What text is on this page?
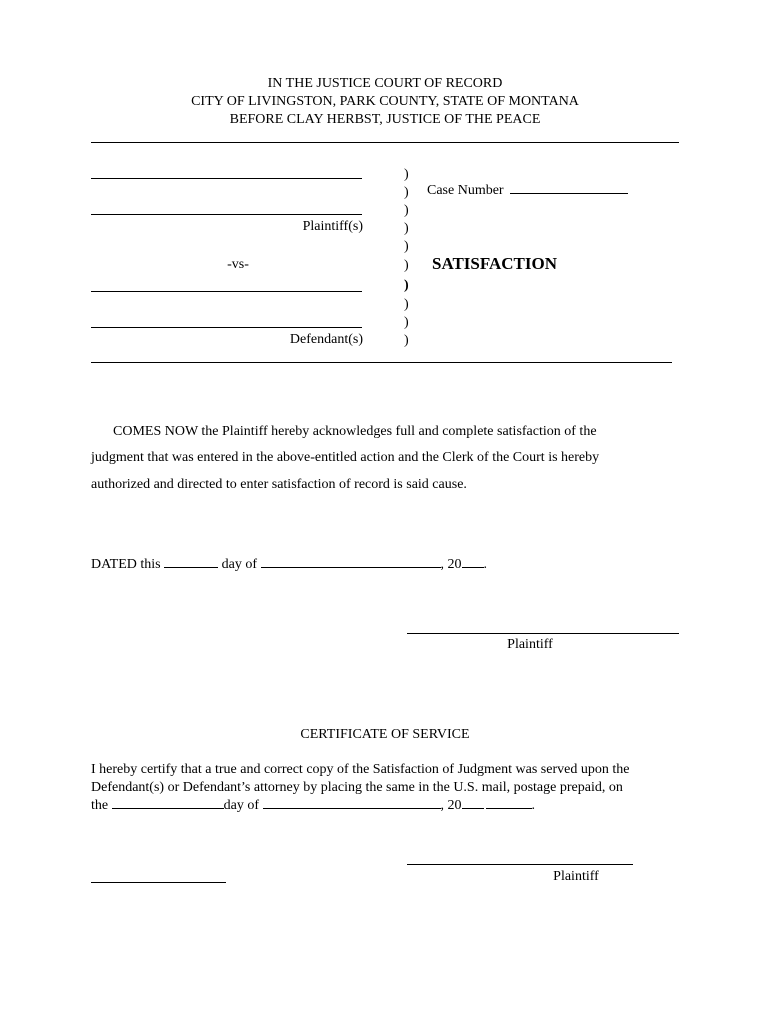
IN THE JUSTICE COURT OF RECORD
CITY OF LIVINGSTON, PARK COUNTY, STATE OF MONTANA
BEFORE CLAY HERBST, JUSTICE OF THE PEACE
Plaintiff(s)
-vs-
Defendant(s)
)
)
)
)
)
)
)
)
)
)
Case Number
SATISFACTION
COMES NOW the Plaintiff hereby acknowledges full and complete satisfaction of the
judgment that was entered in the above-entitled action and the Clerk of the Court is hereby
authorized and directed to enter satisfaction of record is said cause.
DATED this	day of	, 20 .
Plaintiff
CERTIFICATE OF SERVICE
I hereby certify that a true and correct copy of the Satisfaction of Judgment was served upon the
Defendant(s) or Defendant’s attorney by placing the same in the U.S. mail, postage prepaid, on
the	day of	, 20	.
Plaintiff
